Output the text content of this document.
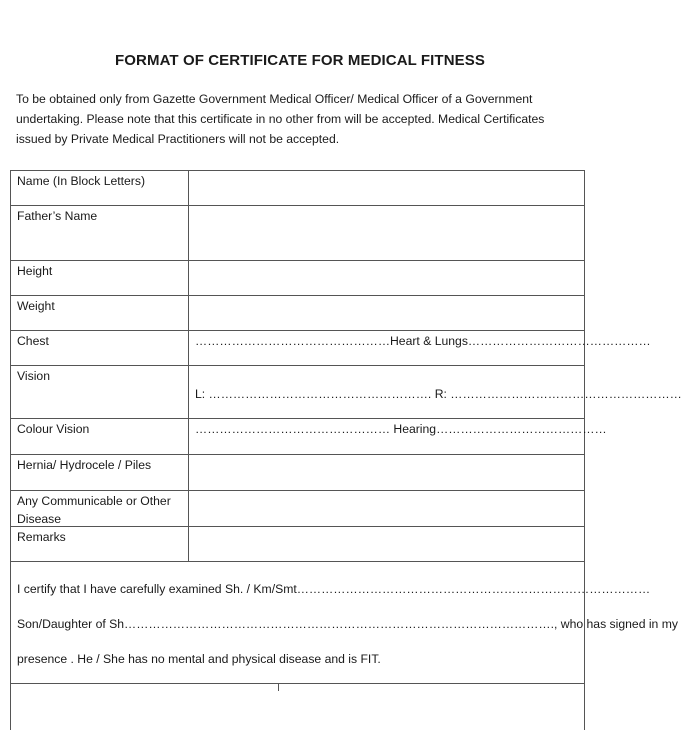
FORMAT OF CERTIFICATE FOR MEDICAL FITNESS
To be obtained only from Gazette Government Medical Officer/ Medical Officer of a Government
undertaking. Please note that this certificate in no other from will be accepted. Medical Certificates
issued by Private Medical Practitioners will not be accepted.
Name (In Block Letters)
Father’s Name
Height
Weight
Chest	…………………………………………Heart & Lungs………………………………………
Vision
L: ………………………………………………. R: …………………………………………………
Colour Vision	………………………………………… Hearing……………………………………
Hernia/ Hydrocele / Piles
Any Communicable or Other Disease
Remarks
I certify that I have carefully examined Sh. / Km/Smt……………………………………………………………………………
Son/Daughter of Sh……………………………………………………………………………………………., who has signed in my
presence . He / She has no mental and physical disease and is FIT.
